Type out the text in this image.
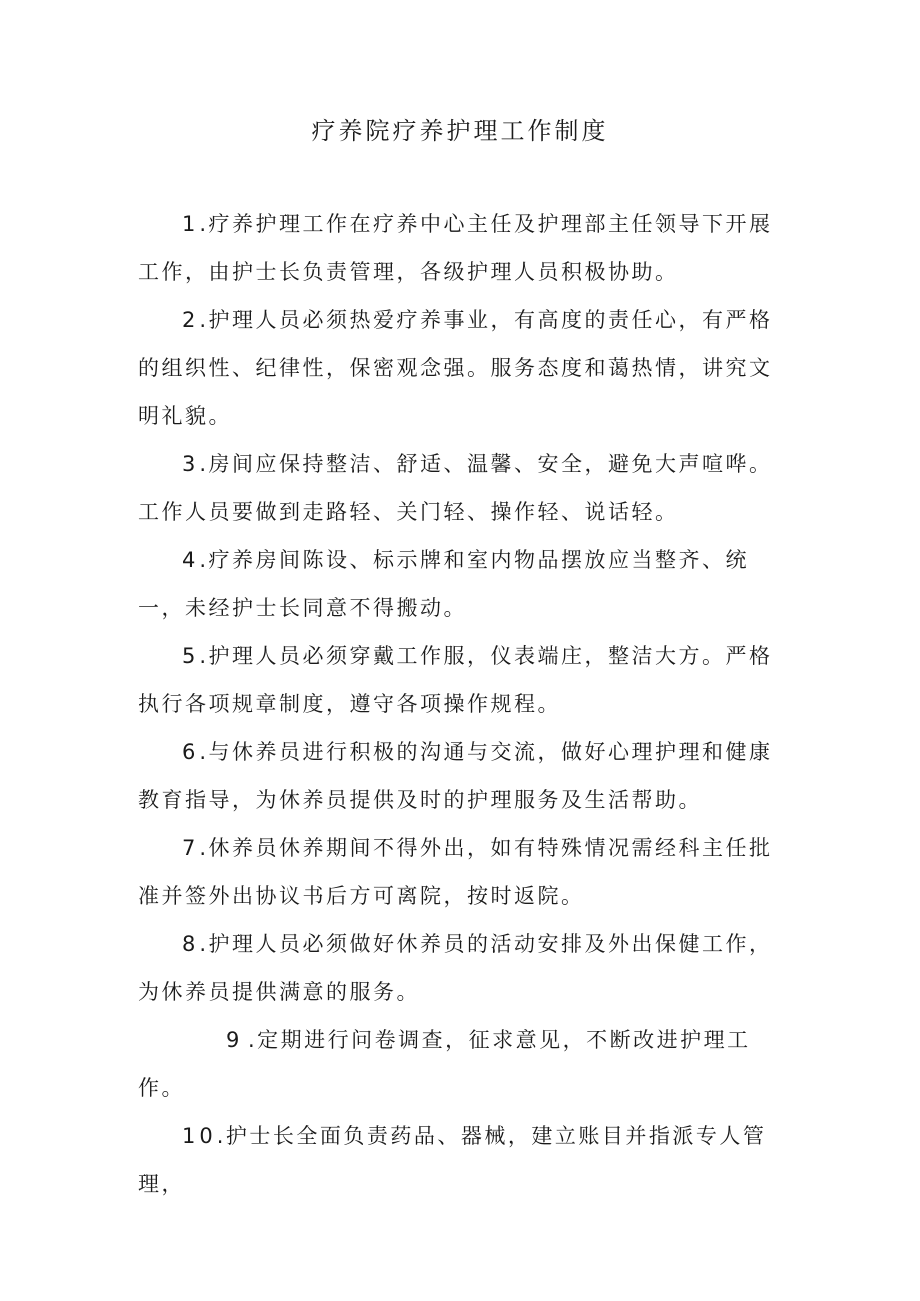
疗养院疗养护理工作制度

1.疗养护理工作在疗养中心主任及护理部主任领导下开展工作，由护士长负责管理，各级护理人员积极协助。

2.护理人员必须热爱疗养事业，有高度的责任心，有严格的组织性、纪律性，保密观念强。服务态度和蔼热情，讲究文明礼貌。

3.房间应保持整洁、舒适、温馨、安全，避免大声喧哗。工作人员要做到走路轻、关门轻、操作轻、说话轻。

4.疗养房间陈设、标示牌和室内物品摆放应当整齐、统一，未经护士长同意不得搬动。

5.护理人员必须穿戴工作服，仪表端庄，整洁大方。严格执行各项规章制度，遵守各项操作规程。

6.与休养员进行积极的沟通与交流，做好心理护理和健康教育指导，为休养员提供及时的护理服务及生活帮助。

7.休养员休养期间不得外出，如有特殊情况需经科主任批准并签外出协议书后方可离院，按时返院。

8.护理人员必须做好休养员的活动安排及外出保健工作，为休养员提供满意的服务。

9 .定期进行问卷调查，征求意见，不断改进护理工作。

10.护士长全面负责药品、器械，建立账目并指派专人管理，
